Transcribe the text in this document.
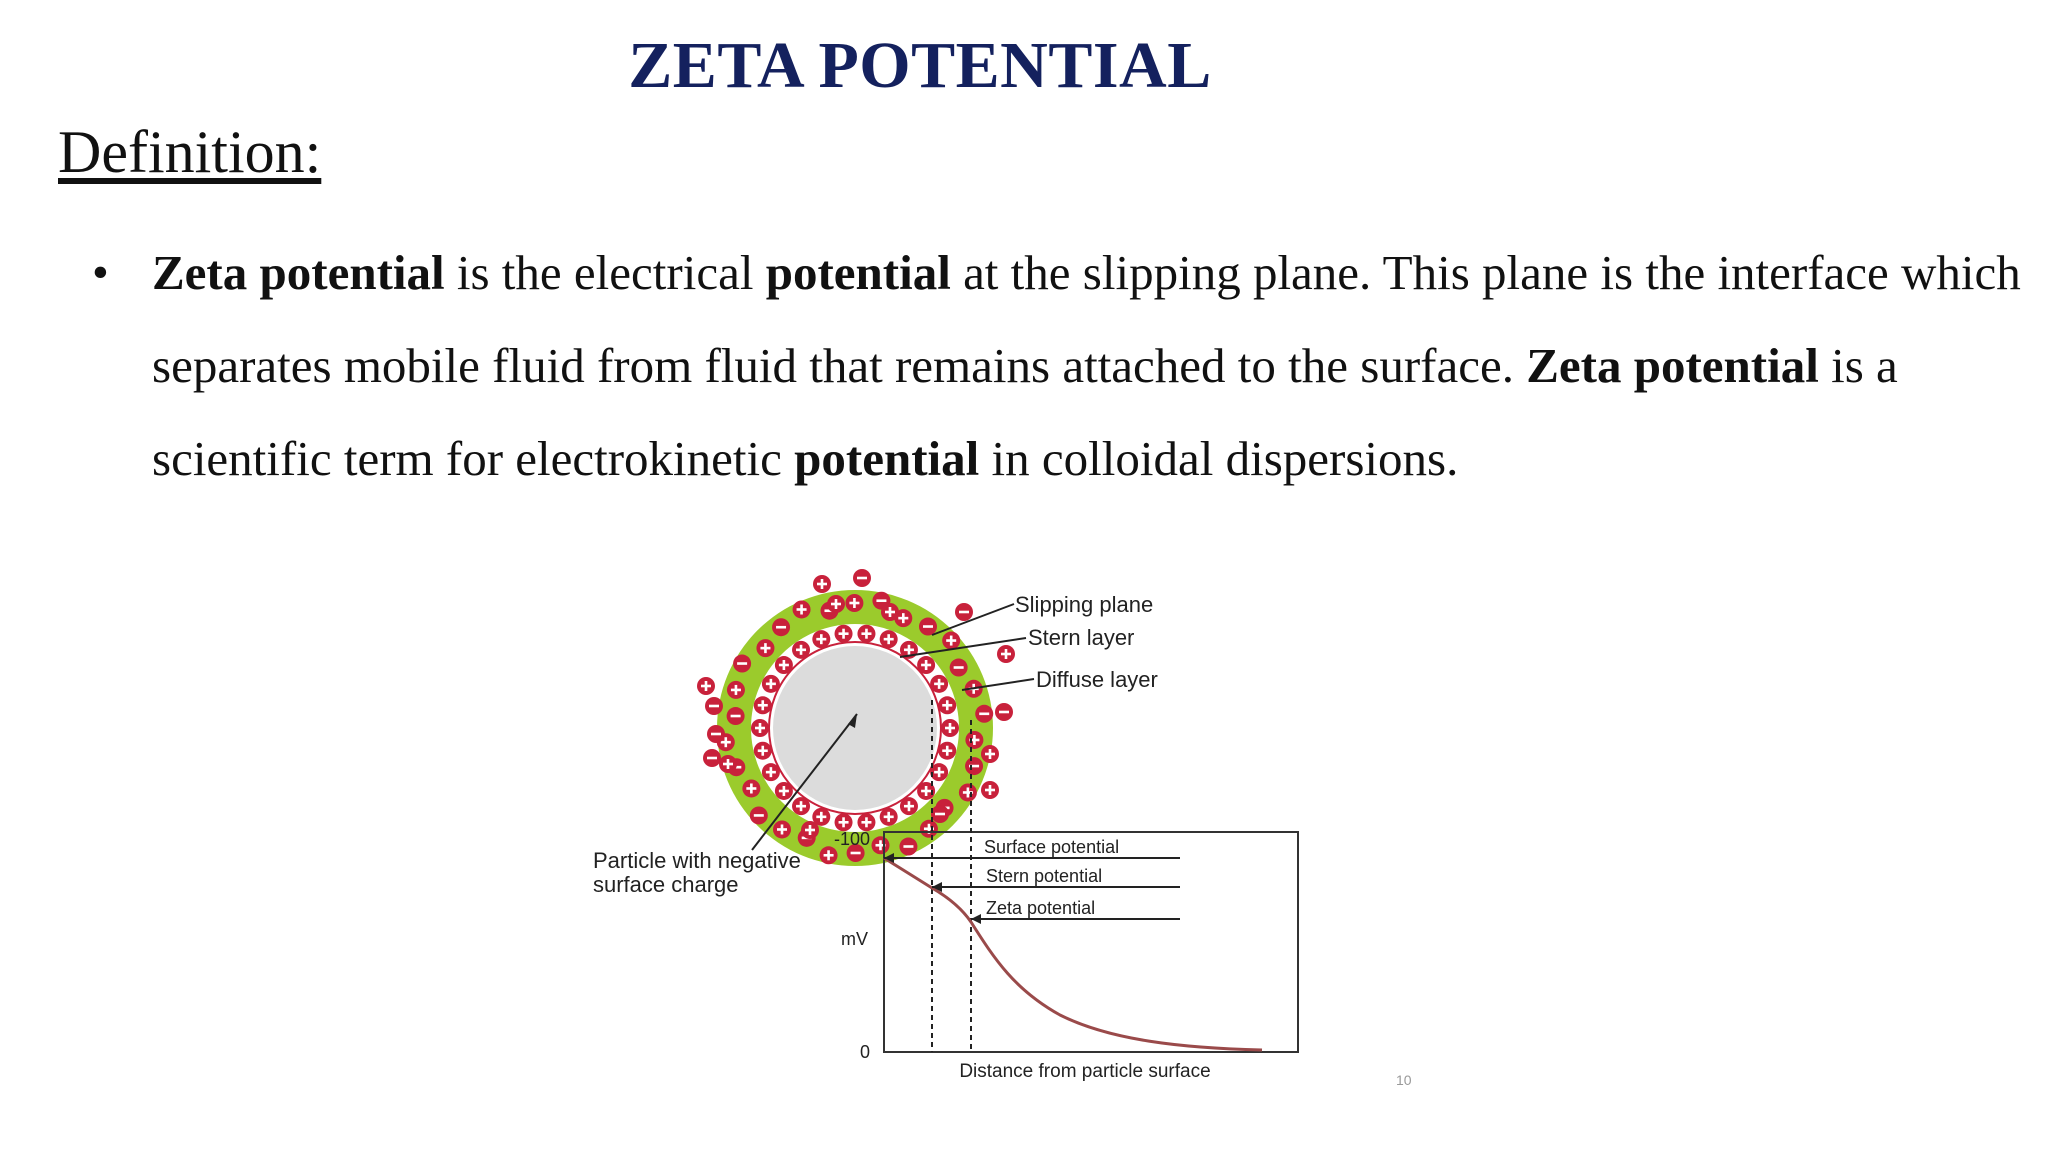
ZETA POTENTIAL
Definition:
• Zeta potential is the electrical potential at the slipping plane. This plane is the interface which separates mobile fluid from fluid that remains attached to the surface. Zeta potential is a scientific term for electrokinetic potential in colloidal dispersions.
Slipping plane
Stern layer
Diffuse layer
Particle with negative
surface charge
Surface potential
Stern potential
Zeta potential
-100
0
mV
Distance from particle surface	10
